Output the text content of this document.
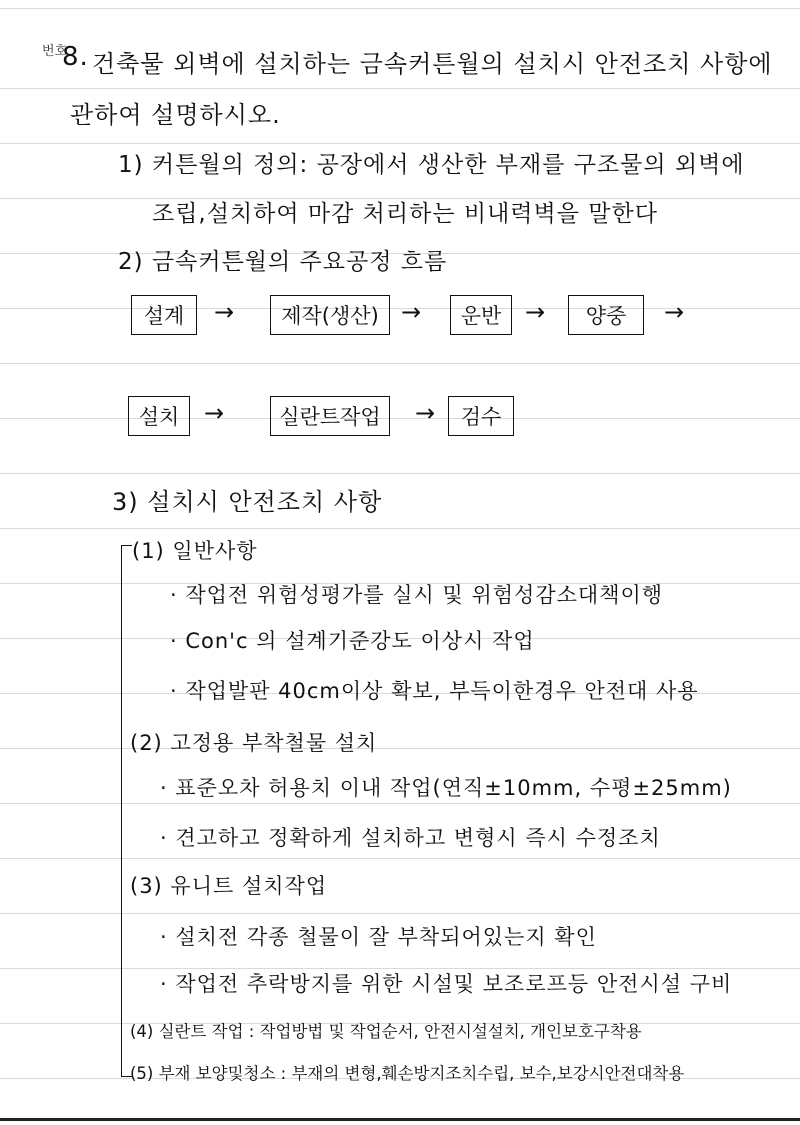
번호
8. 건축물 외벽에 설치하는 금속커튼월의 설치시 안전조치 사항에
관하여 설명하시오.
1) 커튼월의 정의: 공장에서 생산한 부재를 구조물의 외벽에
조립,설치하여 마감 처리하는 비내력벽을 말한다
2) 금속커튼월의 주요공정 흐름
설계	→	제작(생산) →	운반 →	양중	→
설치	→	실란트작업	→	검수
3) 설치시 안전조치 사항
(1) 일반사항
· 작업전 위험성평가를 실시 및 위험성감소대책이행
· Con'c 의 설계기준강도 이상시 작업
· 작업발판 40cm이상 확보, 부득이한경우 안전대 사용
(2) 고정용 부착철물 설치
· 표준오차 허용치 이내 작업(연직±10mm, 수평±25mm)
· 견고하고 정확하게 설치하고 변형시 즉시 수정조치
(3) 유니트 설치작업
· 설치전 각종 철물이 잘 부착되어있는지 확인
· 작업전 추락방지를 위한 시설및 보조로프등 안전시설 구비
(4) 실란트 작업 : 작업방법 및 작업순서, 안전시설설치, 개인보호구착용
(5) 부재 보양및청소 : 부재의 변형,훼손방지조치수립, 보수,보강시안전대착용
